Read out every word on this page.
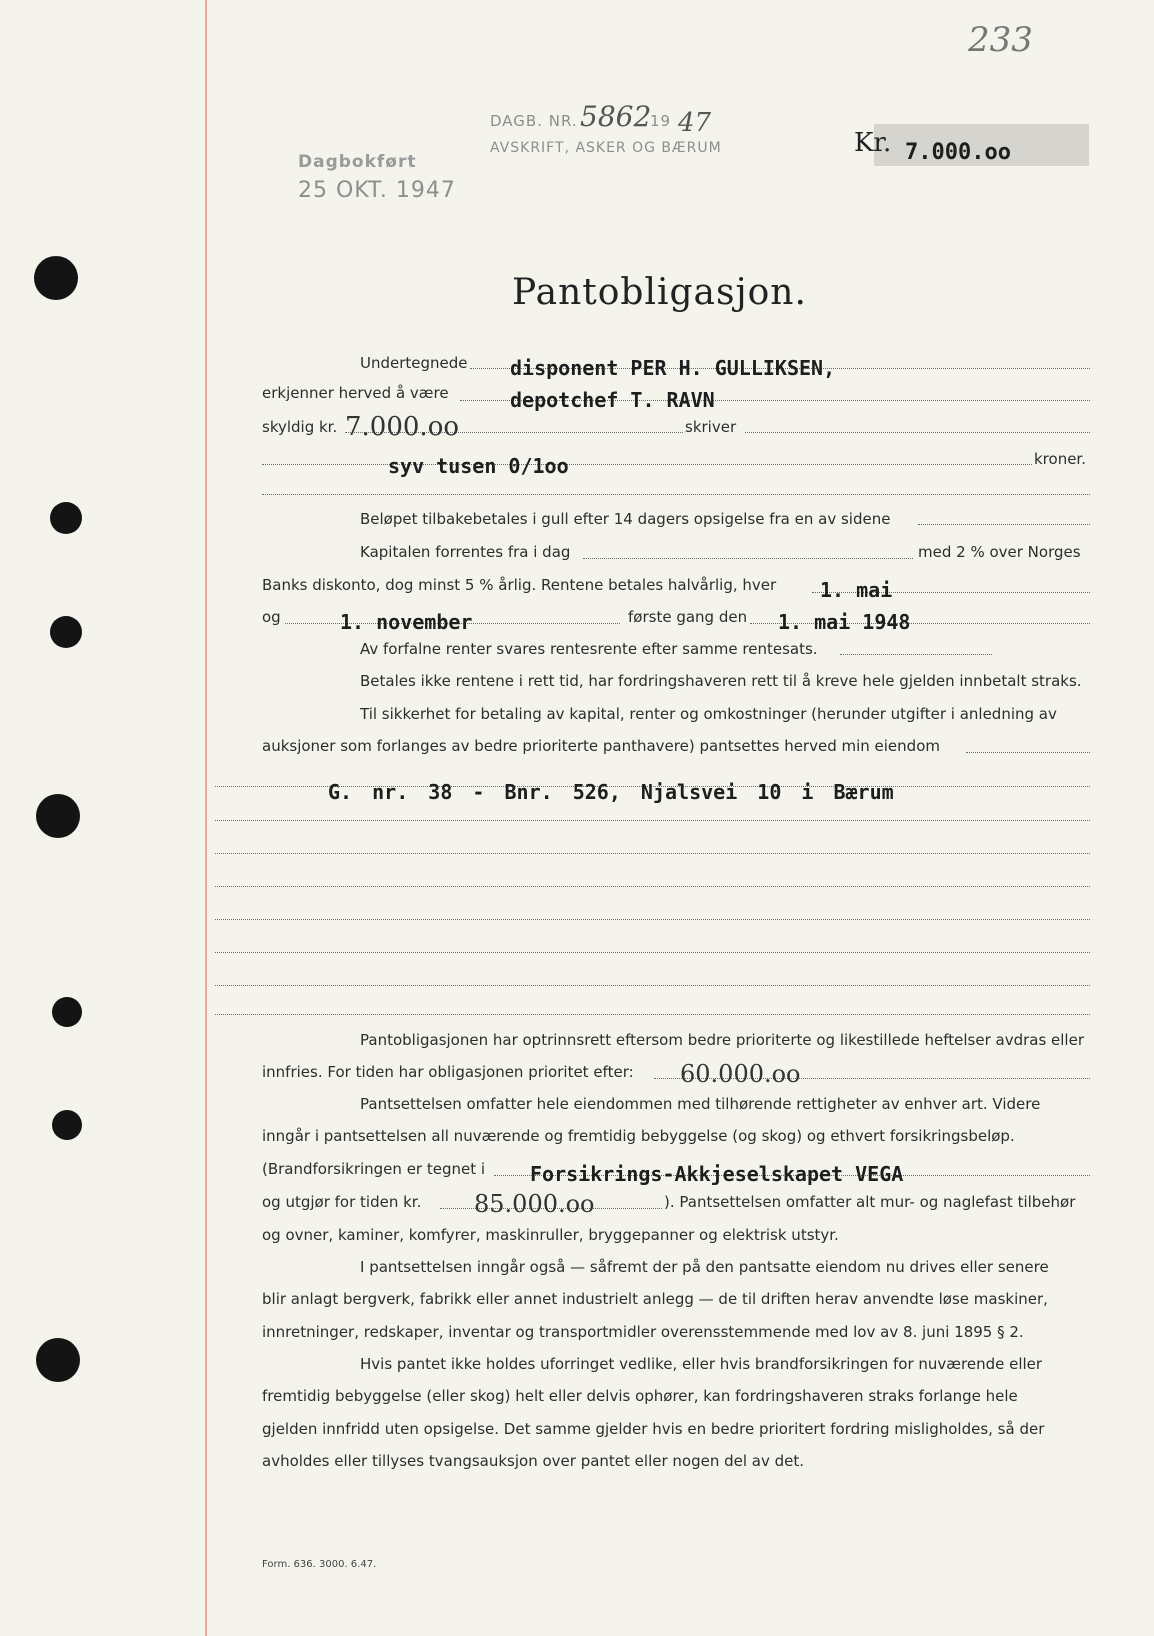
233
DAGB. NR. 5862
19 47
AVSKRIFT, ASKER OG BÆRUM
Dagbokført
25 OKT. 1947
Kr. 7.000.oo
Pantobligasjon.
Undertegnede disponent PER H. GULLIKSEN,
erkjenner herved å være	depotchef T. RAVN
skyldig kr. 7.000.oo	skriver
syv tusen 0/1oo	kroner.
Beløpet tilbakebetales i gull efter 14 dagers opsigelse fra en av sidene
Kapitalen forrentes fra i dag	med 2 % over Norges
Banks diskonto, dog minst 5 % årlig. Rentene betales halvårlig, hver 1. mai
og	1. november	første gang den 1. mai 1948
Av forfalne renter svares rentesrente efter samme rentesats.
Betales ikke rentene i rett tid, har fordringshaveren rett til å kreve hele gjelden innbetalt straks.
Til sikkerhet for betaling av kapital, renter og omkostninger (herunder utgifter i anledning av
auksjoner som forlanges av bedre prioriterte panthavere) pantsettes herved min eiendom
G. nr. 38 - Bnr. 526, Njalsvei 10 i Bærum
Pantobligasjonen har optrinnsrett eftersom bedre prioriterte og likestillede heftelser avdras eller
innfries. For tiden har obligasjonen prioritet efter: 60.000.oo
Pantsettelsen omfatter hele eiendommen med tilhørende rettigheter av enhver art. Videre
inngår i pantsettelsen all nuværende og fremtidig bebyggelse (og skog) og ethvert forsikringsbeløp.
(Brandforsikringen er tegnet i Forsikrings-Akkjeselskapet VEGA
og utgjør for tiden kr. 85.000.oo	). Pantsettelsen omfatter alt mur- og naglefast tilbehør
og ovner, kaminer, komfyrer, maskinruller, bryggepanner og elektrisk utstyr.
I pantsettelsen inngår også — såfremt der på den pantsatte eiendom nu drives eller senere
blir anlagt bergverk, fabrikk eller annet industrielt anlegg — de til driften herav anvendte løse maskiner,
innretninger, redskaper, inventar og transportmidler overensstemmende med lov av 8. juni 1895 § 2.
Hvis pantet ikke holdes uforringet vedlike, eller hvis brandforsikringen for nuværende eller
fremtidig bebyggelse (eller skog) helt eller delvis ophører, kan fordringshaveren straks forlange hele
gjelden innfridd uten opsigelse. Det samme gjelder hvis en bedre prioritert fordring misligholdes, så der
avholdes eller tillyses tvangsauksjon over pantet eller nogen del av det.
Form. 636. 3000. 6.47.
